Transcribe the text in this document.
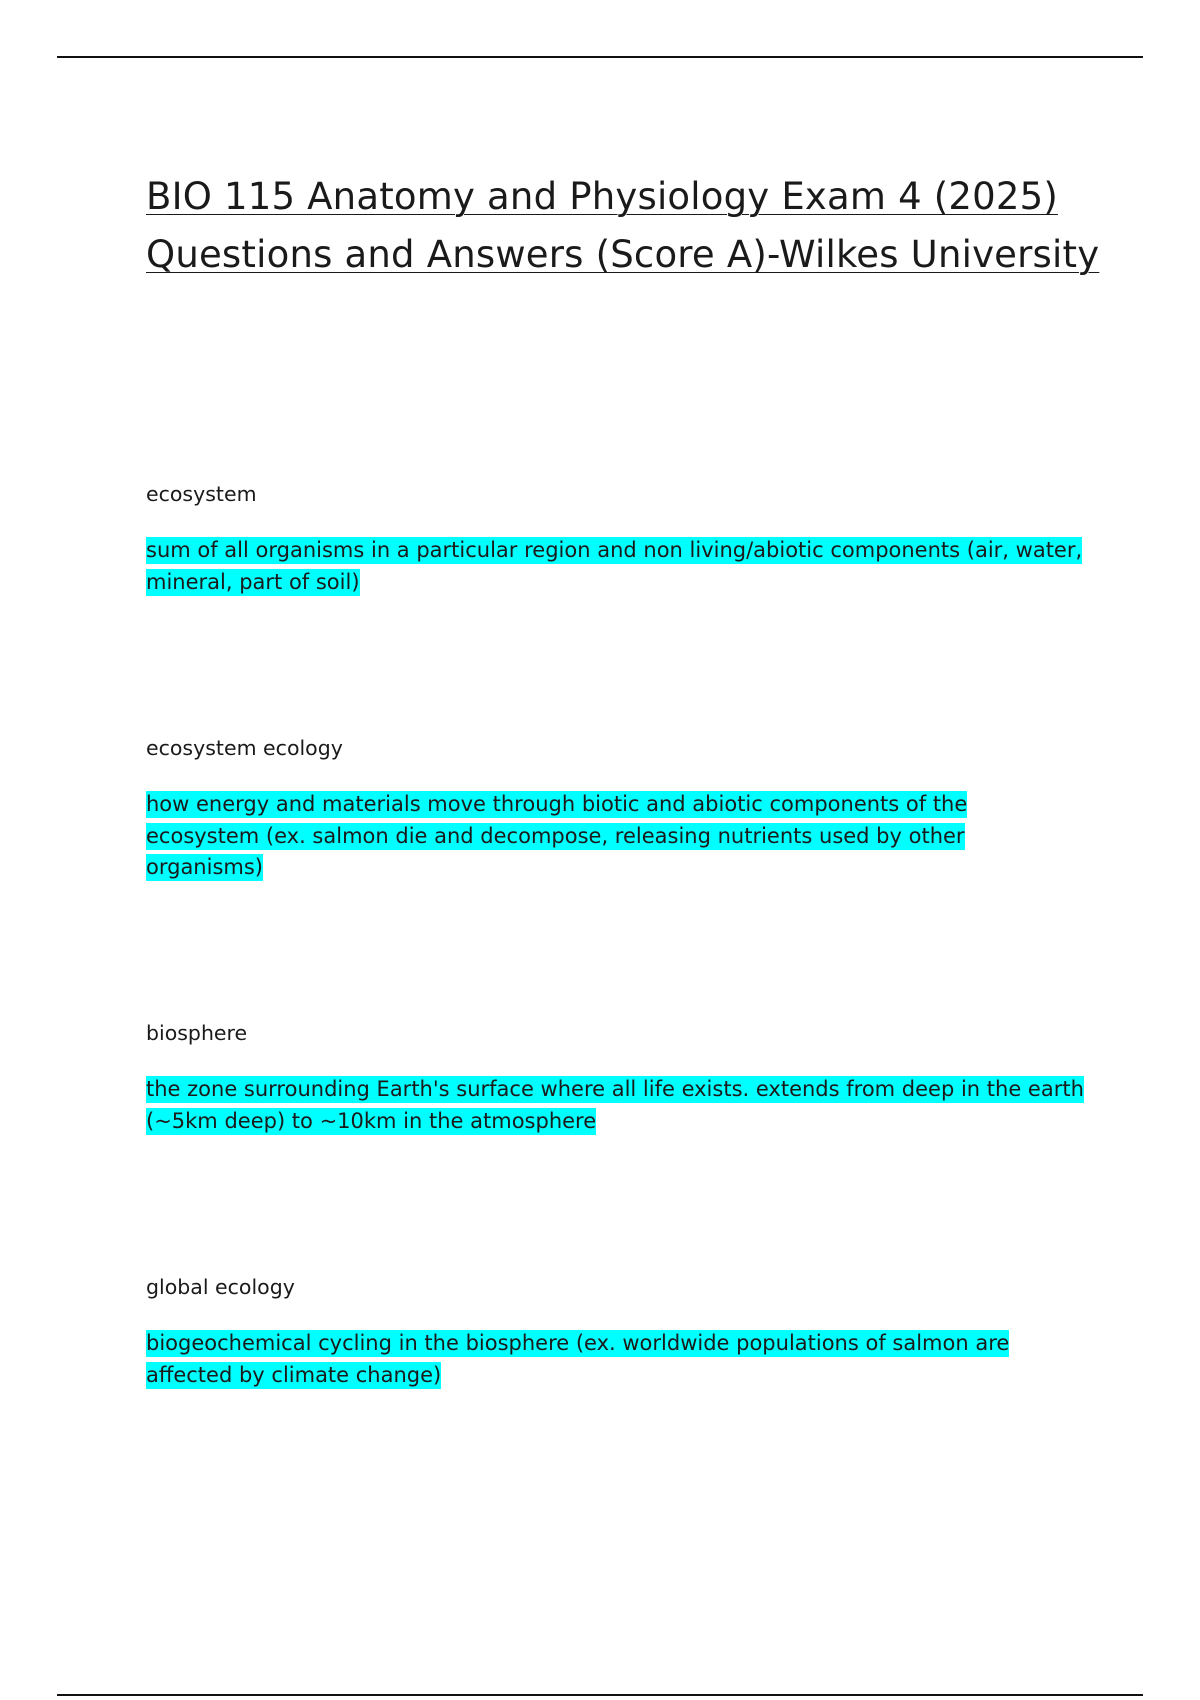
BIO 115 Anatomy and Physiology Exam 4 (2025) Questions and Answers (Score A)-Wilkes University

ecosystem

sum of all organisms in a particular region and non living/abiotic components (air, water, mineral, part of soil)

ecosystem ecology

how energy and materials move through biotic and abiotic components of the ecosystem (ex. salmon die and decompose, releasing nutrients used by other organisms)

biosphere

the zone surrounding Earth's surface where all life exists. extends from deep in the earth (~5km deep) to ~10km in the atmosphere

global ecology

biogeochemical cycling in the biosphere (ex. worldwide populations of salmon are affected by climate change)
